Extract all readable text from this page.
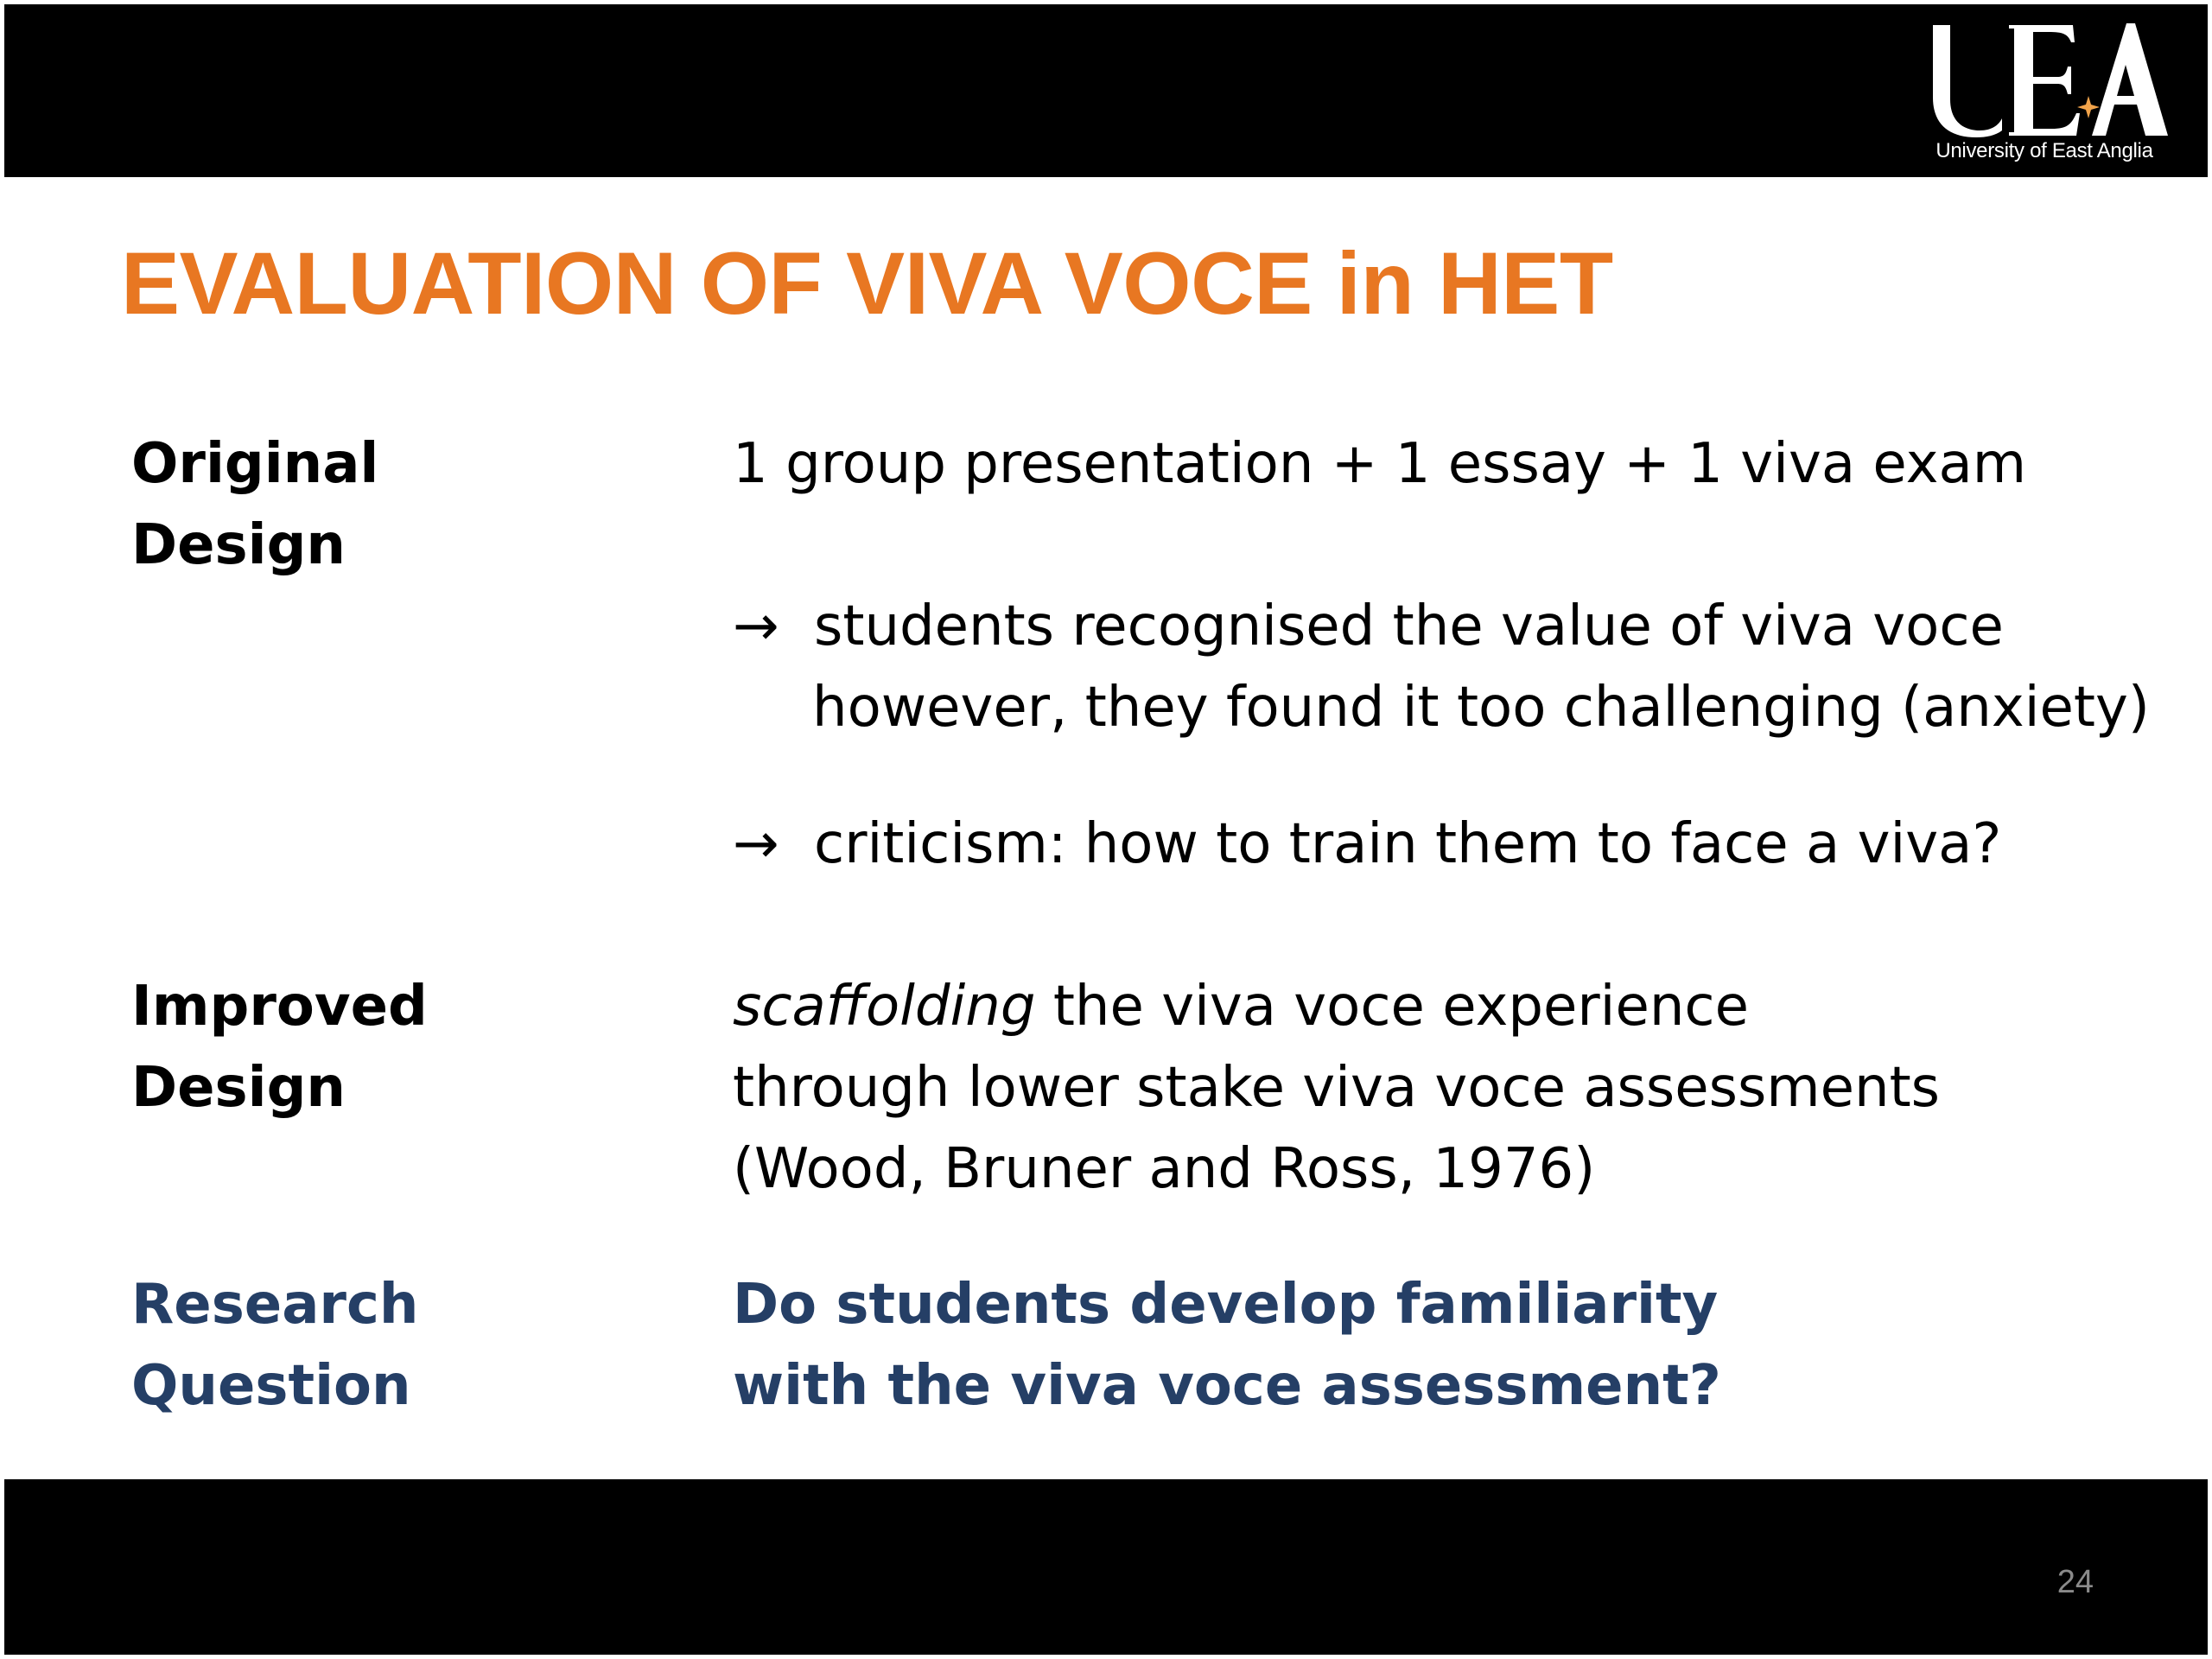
University of East Anglia
EVALUATION OF VIVA VOCE in HET
Original
Design
1 group presentation + 1 essay + 1 viva exam
→ students recognised the value of viva voce
however, they found it too challenging (anxiety)
→ criticism: how to train them to face a viva?
Improved
Design
scaffolding the viva voce experience
through lower stake viva voce assessments
(Wood, Bruner and Ross, 1976)
Research
Question
Do students develop familiarity
with the viva voce assessment?
24
